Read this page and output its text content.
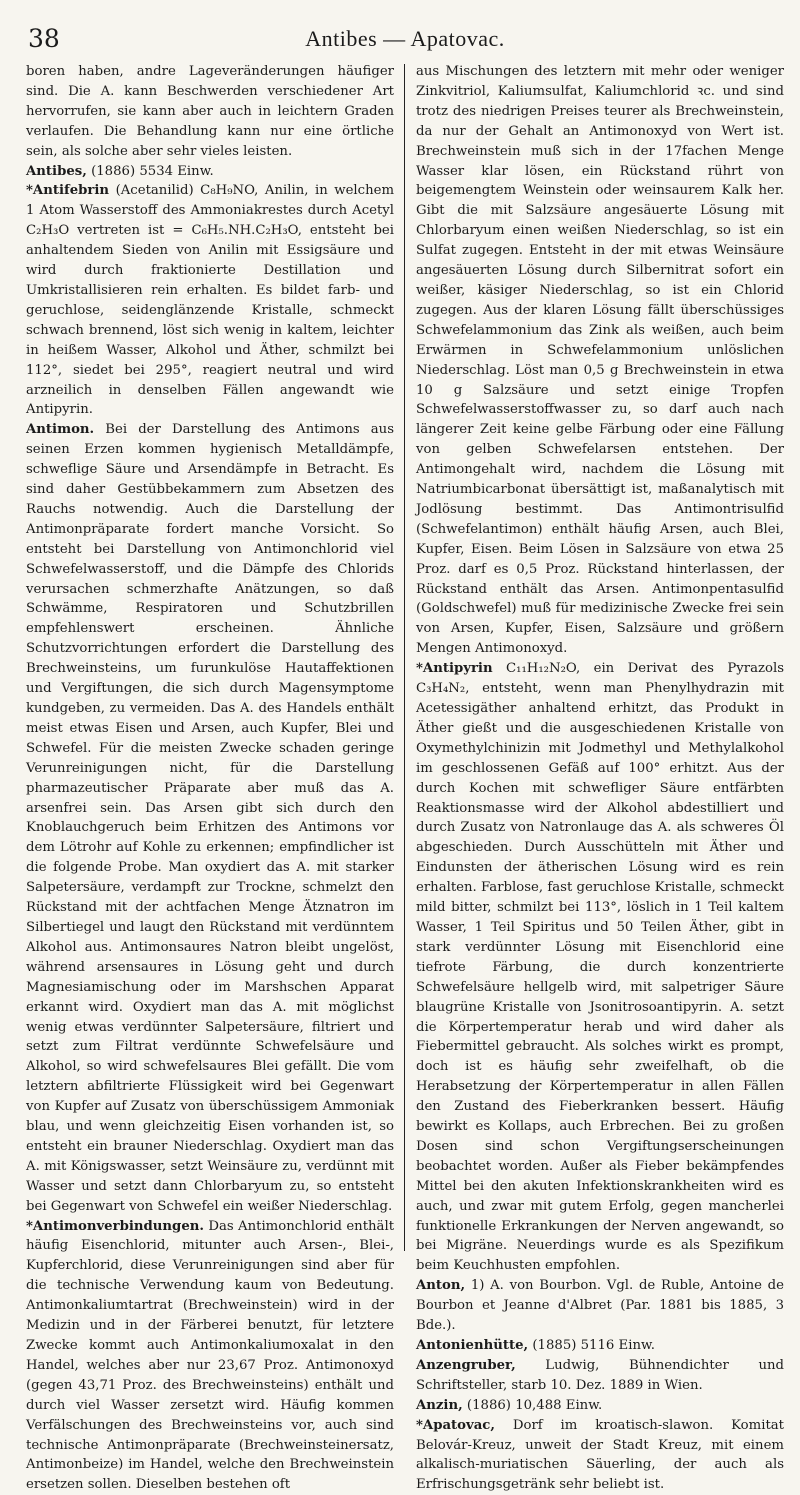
38	Antibes — Apatovac.

boren haben, andre Lageveränderungen häufiger sind. Die A. kann Beschwerden verschiedener Art hervorrufen, sie kann aber auch in leichtern Graden verlaufen. Die Behandlung kann nur eine örtliche sein, als solche aber sehr vieles leisten.

Antibes, (1886) 5534 Einw.

*Antifebrin (Acetanilid) C₈H₉NO, Anilin, in welchem 1 Atom Wasserstoff des Ammoniakrestes durch Acetyl C₂H₃O vertreten ist = C₆H₅.NH.C₂H₃O, entsteht bei anhaltendem Sieden von Anilin mit Essigsäure und wird durch fraktionierte Destillation und Umkristallisieren rein erhalten. Es bildet farb- und geruchlose, seidenglänzende Kristalle, schmeckt schwach brennend, löst sich wenig in kaltem, leichter in heißem Wasser, Alkohol und Äther, schmilzt bei 112°, siedet bei 295°, reagiert neutral und wird arzneilich in denselben Fällen angewandt wie Antipyrin.

Antimon. Bei der Darstellung des Antimons aus seinen Erzen kommen hygienisch Metalldämpfe, schweflige Säure und Arsendämpfe in Betracht. Es sind daher Gestübbekammern zum Absetzen des Rauchs notwendig. Auch die Darstellung der Antimonpräparate fordert manche Vorsicht. So entsteht bei Darstellung von Antimonchlorid viel Schwefelwasserstoff, und die Dämpfe des Chlorids verursachen schmerzhafte Anätzungen, so daß Schwämme, Respiratoren und Schutzbrillen empfehlenswert erscheinen. Ähnliche Schutzvorrichtungen erfordert die Darstellung des Brechweinsteins, um furunkulöse Hautaffektionen und Vergiftungen, die sich durch Magensymptome kundgeben, zu vermeiden. Das A. des Handels enthält meist etwas Eisen und Arsen, auch Kupfer, Blei und Schwefel. Für die meisten Zwecke schaden geringe Verunreinigungen nicht, für die Darstellung pharmazeutischer Präparate aber muß das A. arsenfrei sein. Das Arsen gibt sich durch den Knoblauchgeruch beim Erhitzen des Antimons vor dem Lötrohr auf Kohle zu erkennen; empfindlicher ist die folgende Probe. Man oxydiert das A. mit starker Salpetersäure, verdampft zur Trockne, schmelzt den Rückstand mit der achtfachen Menge Ätznatron im Silbertiegel und laugt den Rückstand mit verdünntem Alkohol aus. Antimonsaures Natron bleibt ungelöst, während arsensaures in Lösung geht und durch Magnesiamischung oder im Marshschen Apparat erkannt wird. Oxydiert man das A. mit möglichst wenig etwas verdünnter Salpetersäure, filtriert und setzt zum Filtrat verdünnte Schwefelsäure und Alkohol, so wird schwefelsaures Blei gefällt. Die vom letztern abfiltrierte Flüssigkeit wird bei Gegenwart von Kupfer auf Zusatz von überschüssigem Ammoniak blau, und wenn gleichzeitig Eisen vorhanden ist, so entsteht ein brauner Niederschlag. Oxydiert man das A. mit Königswasser, setzt Weinsäure zu, verdünnt mit Wasser und setzt dann Chlorbaryum zu, so entsteht bei Gegenwart von Schwefel ein weißer Niederschlag.

*Antimonverbindungen. Das Antimonchlorid enthält häufig Eisenchlorid, mitunter auch Arsen-, Blei-, Kupferchlorid, diese Verunreinigungen sind aber für die technische Verwendung kaum von Bedeutung. Antimonkaliumtartrat (Brechweinstein) wird in der Medizin und in der Färberei benutzt, für letztere Zwecke kommt auch Antimonkaliumoxalat in den Handel, welches aber nur 23,67 Proz. Antimonoxyd (gegen 43,71 Proz. des Brechweinsteins) enthält und durch viel Wasser zersetzt wird. Häufig kommen Verfälschungen des Brechweinsteins vor, auch sind technische Antimonpräparate (Brechweinsteinersatz, Antimonbeize) im Handel, welche den Brechweinstein ersetzen sollen. Dieselben bestehen oft

aus Mischungen des letztern mit mehr oder weniger Zinkvitriol, Kaliumsulfat, Kaliumchlorid ꝛc. und sind trotz des niedrigen Preises teurer als Brechweinstein, da nur der Gehalt an Antimonoxyd von Wert ist. Brechweinstein muß sich in der 17fachen Menge Wasser klar lösen, ein Rückstand rührt von beigemengtem Weinstein oder weinsaurem Kalk her. Gibt die mit Salzsäure angesäuerte Lösung mit Chlorbaryum einen weißen Niederschlag, so ist ein Sulfat zugegen. Entsteht in der mit etwas Weinsäure angesäuerten Lösung durch Silbernitrat sofort ein weißer, käsiger Niederschlag, so ist ein Chlorid zugegen. Aus der klaren Lösung fällt überschüssiges Schwefelammonium das Zink als weißen, auch beim Erwärmen in Schwefelammonium unlöslichen Niederschlag. Löst man 0,5 g Brechweinstein in etwa 10 g Salzsäure und setzt einige Tropfen Schwefelwasserstoffwasser zu, so darf auch nach längerer Zeit keine gelbe Färbung oder eine Fällung von gelben Schwefelarsen entstehen. Der Antimongehalt wird, nachdem die Lösung mit Natriumbicarbonat übersättigt ist, maßanalytisch mit Jodlösung bestimmt. Das Antimontrisulfid (Schwefelantimon) enthält häufig Arsen, auch Blei, Kupfer, Eisen. Beim Lösen in Salzsäure von etwa 25 Proz. darf es 0,5 Proz. Rückstand hinterlassen, der Rückstand enthält das Arsen. Antimonpentasulfid (Goldschwefel) muß für medizinische Zwecke frei sein von Arsen, Kupfer, Eisen, Salzsäure und größern Mengen Antimonoxyd.

*Antipyrin C₁₁H₁₂N₂O, ein Derivat des Pyrazols C₃H₄N₂, entsteht, wenn man Phenylhydrazin mit Acetessigäther anhaltend erhitzt, das Produkt in Äther gießt und die ausgeschiedenen Kristalle von Oxymethylchinizin mit Jodmethyl und Methylalkohol im geschlossenen Gefäß auf 100° erhitzt. Aus der durch Kochen mit schwefliger Säure entfärbten Reaktionsmasse wird der Alkohol abdestilliert und durch Zusatz von Natronlauge das A. als schweres Öl abgeschieden. Durch Ausschütteln mit Äther und Eindunsten der ätherischen Lösung wird es rein erhalten. Farblose, fast geruchlose Kristalle, schmeckt mild bitter, schmilzt bei 113°, löslich in 1 Teil kaltem Wasser, 1 Teil Spiritus und 50 Teilen Äther, gibt in stark verdünnter Lösung mit Eisenchlorid eine tiefrote Färbung, die durch konzentrierte Schwefelsäure hellgelb wird, mit salpetriger Säure blaugrüne Kristalle von Jsonitrosoantipyrin. A. setzt die Körpertemperatur herab und wird daher als Fiebermittel gebraucht. Als solches wirkt es prompt, doch ist es häufig sehr zweifelhaft, ob die Herabsetzung der Körpertemperatur in allen Fällen den Zustand des Fieberkranken bessert. Häufig bewirkt es Kollaps, auch Erbrechen. Bei zu großen Dosen sind schon Vergiftungserscheinungen beobachtet worden. Außer als Fieber bekämpfendes Mittel bei den akuten Infektionskrankheiten wird es auch, und zwar mit gutem Erfolg, gegen mancherlei funktionelle Erkrankungen der Nerven angewandt, so bei Migräne. Neuerdings wurde es als Spezifikum beim Keuchhusten empfohlen.

Anton, 1) A. von Bourbon. Vgl. de Ruble, Antoine de Bourbon et Jeanne d'Albret (Par. 1881 bis 1885, 3 Bde.).

Antonienhütte, (1885) 5116 Einw.

Anzengruber, Ludwig, Bühnendichter und Schriftsteller, starb 10. Dez. 1889 in Wien.

Anzin, (1886) 10,488 Einw.

*Apatovac, Dorf im kroatisch-slawon. Komitat Belovár-Kreuz, unweit der Stadt Kreuz, mit einem alkalisch-muriatischen Säuerling, der auch als Erfrischungsgetränk sehr beliebt ist.
